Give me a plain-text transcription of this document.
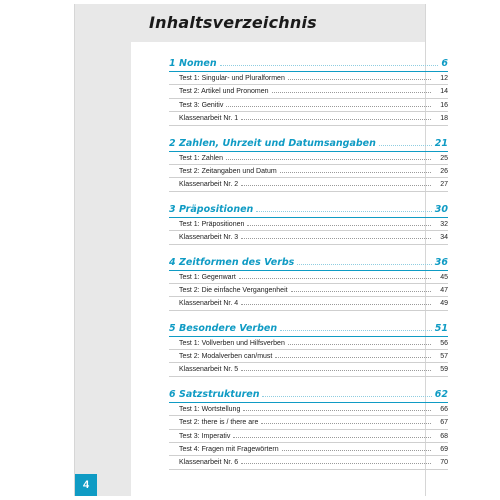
Inhaltsverzeichnis
4
1 Nomen	6
Test 1: Singular- und Pluralformen	12
Test 2: Artikel und Pronomen	14
Test 3: Genitiv	16
Klassenarbeit Nr. 1	18
2 Zahlen, Uhrzeit und Datumsangaben	21
Test 1: Zahlen	25
Test 2: Zeitangaben und Datum	26
Klassenarbeit Nr. 2	27
3 Präpositionen	30
Test 1: Präpositionen	32
Klassenarbeit Nr. 3	34
4 Zeitformen des Verbs	36
Test 1: Gegenwart	45
Test 2: Die einfache Vergangenheit	47
Klassenarbeit Nr. 4	49
5 Besondere Verben	51
Test 1: Vollverben und Hilfsverben	56
Test 2: Modalverben can/must	57
Klassenarbeit Nr. 5	59
6 Satzstrukturen	62
Test 1: Wortstellung	66
Test 2: there is / there are	67
Test 3: Imperativ	68
Test 4: Fragen mit Fragewörtern	69
Klassenarbeit Nr. 6	70
